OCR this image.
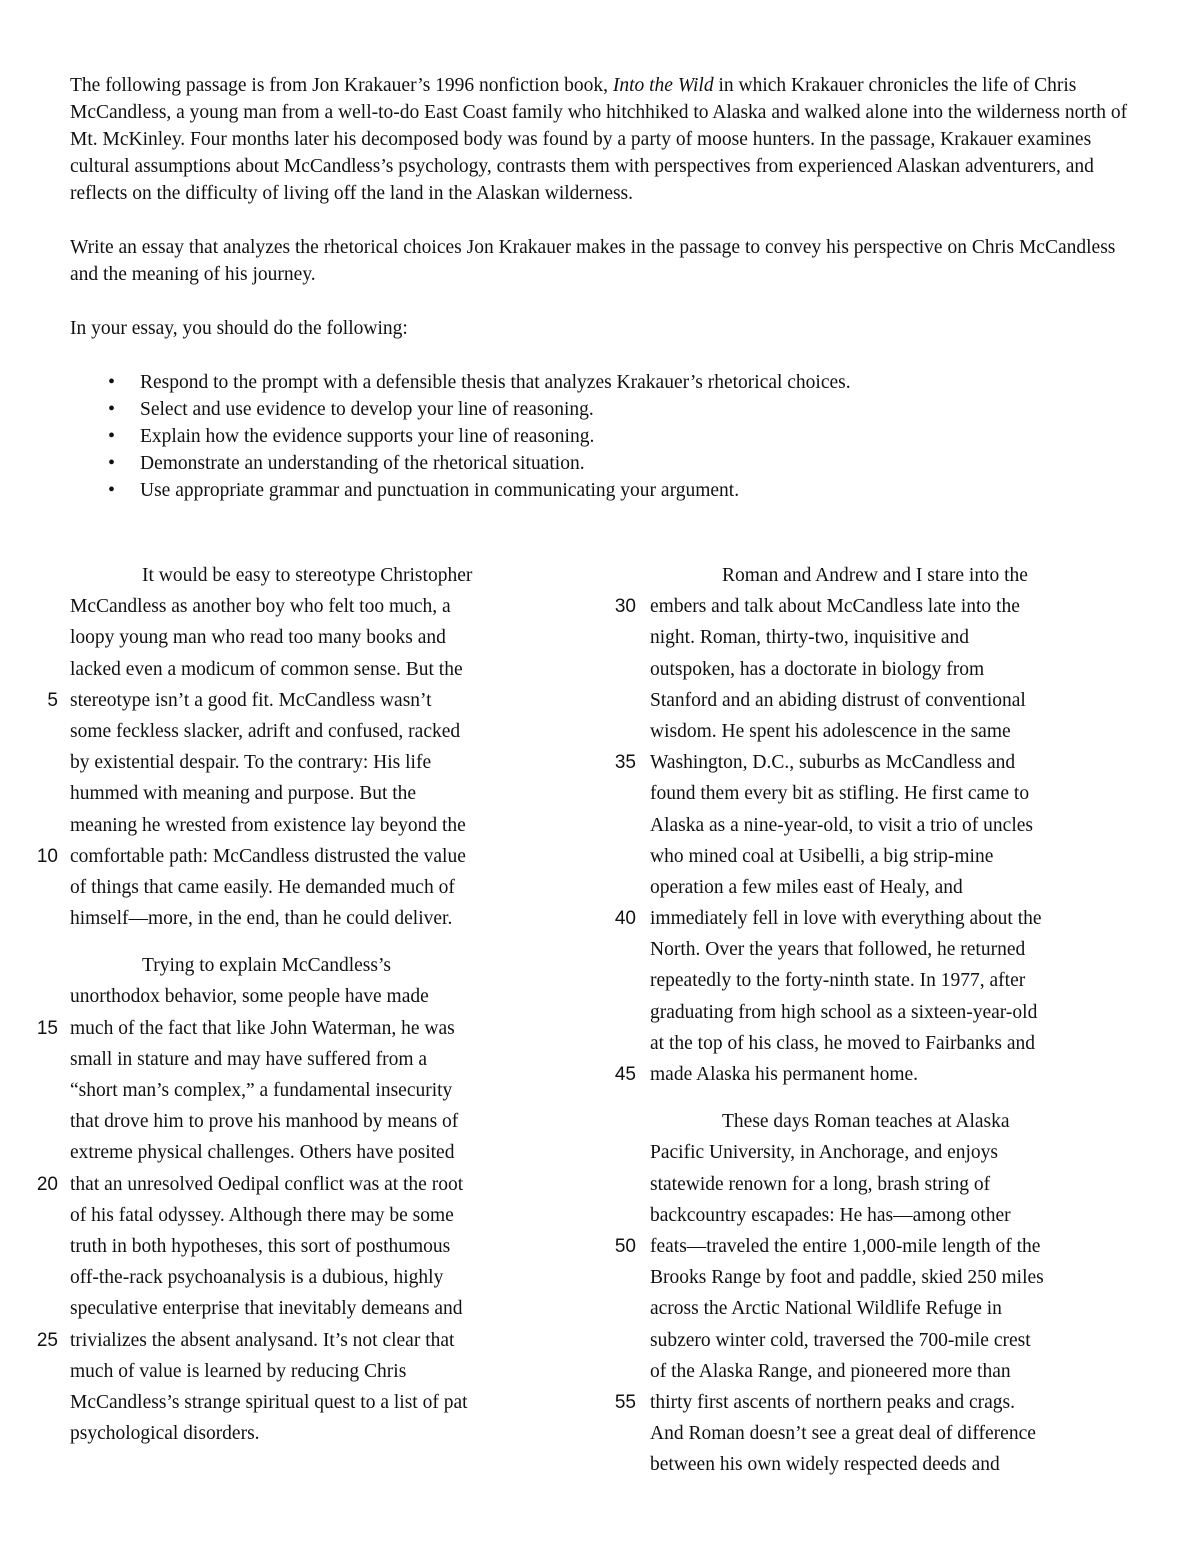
The following passage is from Jon Krakauer’s 1996 nonfiction book, Into the Wild in which Krakauer chronicles the life of Chris McCandless, a young man from a well-to-do East Coast family who hitchhiked to Alaska and walked alone into the wilderness north of Mt. McKinley. Four months later his decomposed body was found by a party of moose hunters. In the passage, Krakauer examines cultural assumptions about McCandless’s psychology, contrasts them with perspectives from experienced Alaskan adventurers, and reflects on the difficulty of living off the land in the Alaskan wilderness.

Write an essay that analyzes the rhetorical choices Jon Krakauer makes in the passage to convey his perspective on Chris McCandless and the meaning of his journey.

In your essay, you should do the following:

• Respond to the prompt with a defensible thesis that analyzes Krakauer’s rhetorical choices.
• Select and use evidence to develop your line of reasoning.
• Explain how the evidence supports your line of reasoning.
• Demonstrate an understanding of the rhetorical situation.
• Use appropriate grammar and punctuation in communicating your argument.
It would be easy to stereotype Christopher
McCandless as another boy who felt too much, a
loopy young man who read too many books and
lacked even a modicum of common sense. But the
5 stereotype isn’t a good fit. McCandless wasn’t
some feckless slacker, adrift and confused, racked
by existential despair. To the contrary: His life
hummed with meaning and purpose. But the
meaning he wrested from existence lay beyond the
10 comfortable path: McCandless distrusted the value
of things that came easily. He demanded much of
himself—more, in the end, than he could deliver.
Trying to explain McCandless’s
unorthodox behavior, some people have made
15 much of the fact that like John Waterman, he was
small in stature and may have suffered from a
“short man’s complex,” a fundamental insecurity
that drove him to prove his manhood by means of
extreme physical challenges. Others have posited
20 that an unresolved Oedipal conflict was at the root
of his fatal odyssey. Although there may be some
truth in both hypotheses, this sort of posthumous
off-the-rack psychoanalysis is a dubious, highly
speculative enterprise that inevitably demeans and
25 trivializes the absent analysand. It’s not clear that
much of value is learned by reducing Chris
McCandless’s strange spiritual quest to a list of pat
psychological disorders.
Roman and Andrew and I stare into the
30 embers and talk about McCandless late into the
night. Roman, thirty-two, inquisitive and
outspoken, has a doctorate in biology from
Stanford and an abiding distrust of conventional
wisdom. He spent his adolescence in the same
35 Washington, D.C., suburbs as McCandless and
found them every bit as stifling. He first came to
Alaska as a nine-year-old, to visit a trio of uncles
who mined coal at Usibelli, a big strip-mine
operation a few miles east of Healy, and
40 immediately fell in love with everything about the
North. Over the years that followed, he returned
repeatedly to the forty-ninth state. In 1977, after
graduating from high school as a sixteen-year-old
at the top of his class, he moved to Fairbanks and
45 made Alaska his permanent home.
These days Roman teaches at Alaska
Pacific University, in Anchorage, and enjoys
statewide renown for a long, brash string of
backcountry escapades: He has—among other
50 feats—traveled the entire 1,000-mile length of the
Brooks Range by foot and paddle, skied 250 miles
across the Arctic National Wildlife Refuge in
subzero winter cold, traversed the 700-mile crest
of the Alaska Range, and pioneered more than
55 thirty first ascents of northern peaks and crags.
And Roman doesn’t see a great deal of difference
between his own widely respected deeds and
